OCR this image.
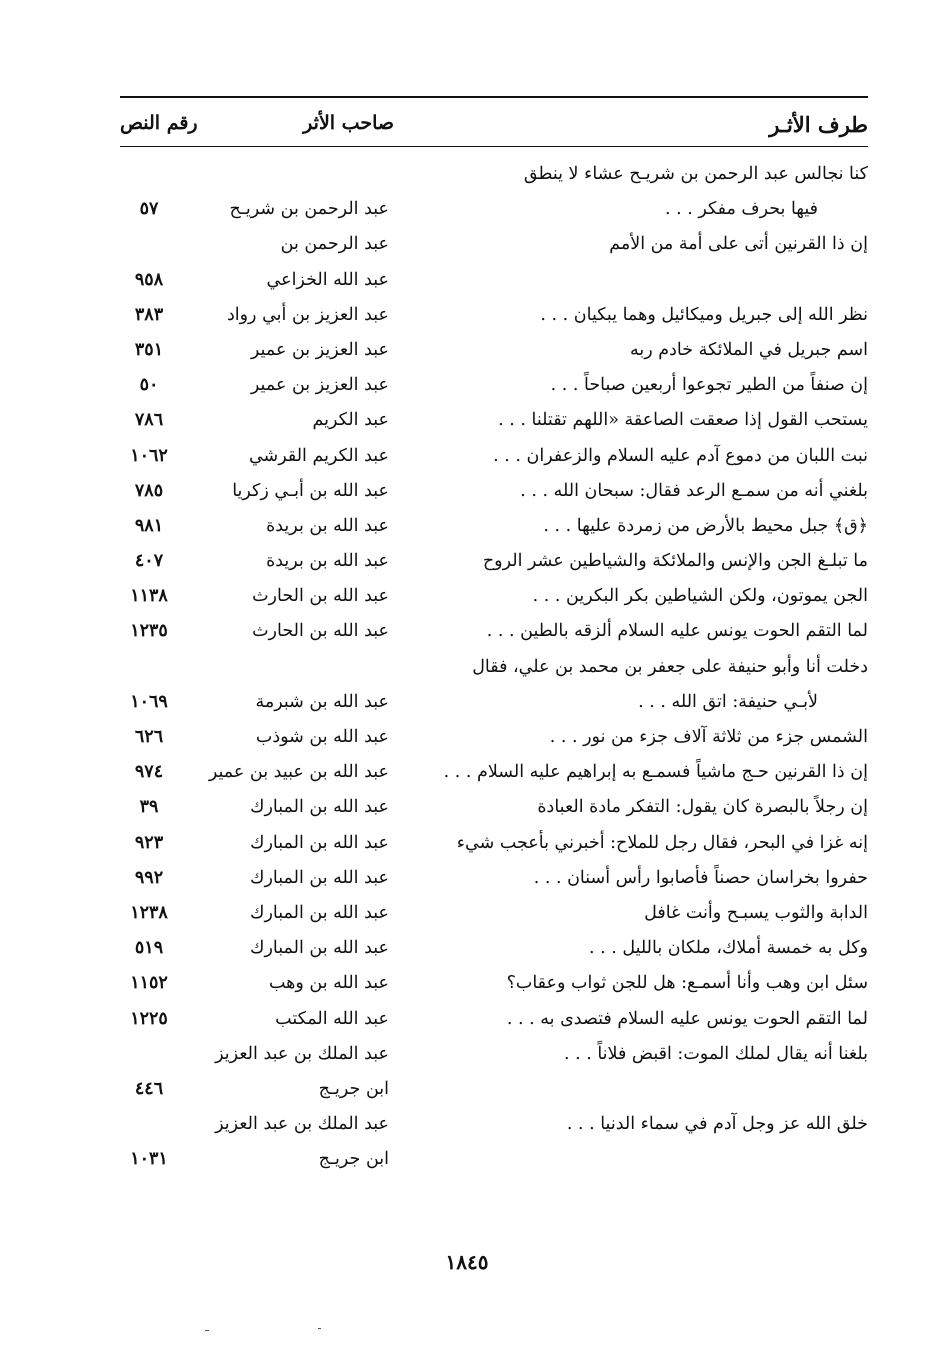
طرف الأثـر
صاحب الأثر
رقم النص
كنا نجالس عبد الرحمن بن شريـح عشاء لا ينطق
فيها بحرف مفكر . . .
عبد الرحمن بن شريـح
٥٧
إن ذا القرنين أتى على أمة من الأمم
عبد الرحمن بن
عبد الله الخزاعي
٩٥٨
نظر الله إلى جبريل وميكائيل وهما يبكيان . . .
عبد العزيز بن أبي رواد
٣٨٣
اسم جبريل في الملائكة خادم ربه
عبد العزيز بن عمير
٣٥١
إن صنفاً من الطير تجوعوا أربعين صباحاً . . .
عبد العزيز بن عمير
٥٠
يستحب القول إذا صعقت الصاعقة «اللهم تقتلنا . . .
عبد الكريم
٧٨٦
نبت اللبان من دموع آدم عليه السلام والزعفران . . .
عبد الكريم القرشي
١٠٦٢
بلغني أنه من سمـع الرعد فقال: سبحان الله . . .
عبد الله بن أبـي زكريا
٧٨٥
﴿ق﴾ جبل محيط بالأرض من زمردة عليها . . .
عبد الله بن بريدة
٩٨١
ما تبلـغ الجن والإنس والملائكة والشياطين عشر الروح
عبد الله بن بريدة
٤٠٧
الجن يموتون، ولكن الشياطين بكر البكرين . . .
عبد الله بن الحارث
١١٣٨
لما التقم الحوت يونس عليه السلام ألزقه بالطين . . .
عبد الله بن الحارث
١٢٣٥
دخلت أنا وأبو حنيفة على جعفر بن محمد بن علي، فقال
لأبـي حنيفة: اتق الله . . .
عبد الله بن شبرمة
١٠٦٩
الشمس جزء من ثلاثة آلاف جزء من نور . . .
عبد الله بن شوذب
٦٢٦
إن ذا القرنين حـج ماشياً فسمـع به إبراهيم عليه السلام . . .
عبد الله بن عبيد بن عمير
٩٧٤
إن رجلاً بالبصرة كان يقول: التفكر مادة العبادة
عبد الله بن المبارك
٣٩
إنه غزا في البحر، فقال رجل للملاح: أخبرني بأعجب شيء
عبد الله بن المبارك
٩٢٣
حفروا بخراسان حصناً فأصابوا رأس أسنان . . .
عبد الله بن المبارك
٩٩٢
الدابة والثوب يسبـح وأنت غافل
عبد الله بن المبارك
١٢٣٨
وكل به خمسة أملاك، ملكان بالليل . . .
عبد الله بن المبارك
٥١٩
سئل ابن وهب وأنا أسمـع: هل للجن ثواب وعقاب؟
عبد الله بن وهب
١١٥٢
لما التقم الحوت يونس عليه السلام فتصدى به . . .
عبد الله المكتب
١٢٢٥
بلغنا أنه يقال لملك الموت: اقبض فلاناً . . .
عبد الملك بن عبد العزيز
ابن جريـج
٤٤٦
خلق الله عز وجل آدم في سماء الدنيا . . .
عبد الملك بن عبد العزيز
ابن جريـج
١٠٣١
١٨٤٥
